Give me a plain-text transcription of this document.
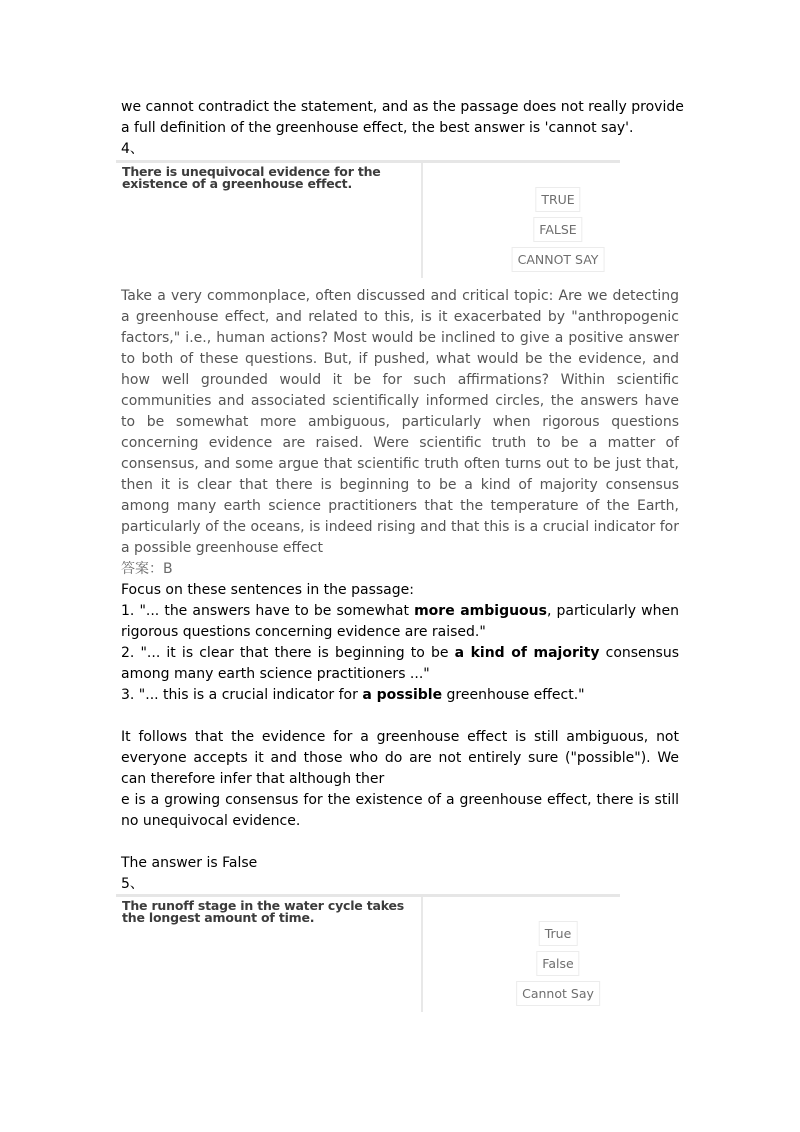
we cannot contradict the statement, and as the passage does not really provide

a full definition of the greenhouse effect, the best answer is 'cannot say'.

4、

There is unequivocal evidence for the existence of a greenhouse effect.
TRUE
FALSE
CANNOT SAY

Take a very commonplace, often discussed and critical topic: Are we detecting a greenhouse effect, and related to this, is it exacerbated by "anthropogenic factors," i.e., human actions? Most would be inclined to give a positive answer to both of these questions. But, if pushed, what would be the evidence, and how well grounded would it be for such affirmations? Within scientific communities and associated scientifically informed circles, the answers have to be somewhat more ambiguous, particularly when rigorous questions concerning evidence are raised. Were scientific truth to be a matter of consensus, and some argue that scientific truth often turns out to be just that, then it is clear that there is beginning to be a kind of majority consensus among many earth science practitioners that the temperature of the Earth, particularly of the oceans, is indeed rising and that this is a crucial indicator for a possible greenhouse effect

答案：B

Focus on these sentences in the passage:

1. "... the answers have to be somewhat more ambiguous, particularly when rigorous questions concerning evidence are raised."

2. "... it is clear that there is beginning to be a kind of majority consensus among many earth science practitioners ..."

3. "... this is a crucial indicator for a possible greenhouse effect."

It follows that the evidence for a greenhouse effect is still ambiguous, not everyone accepts it and those who do are not entirely sure ("possible"). We can therefore infer that although ther

e is a growing consensus for the existence of a greenhouse effect, there is still no unequivocal evidence.

The answer is False

5、

The runoff stage in the water cycle takes the longest amount of time.
True
False
Cannot Say
